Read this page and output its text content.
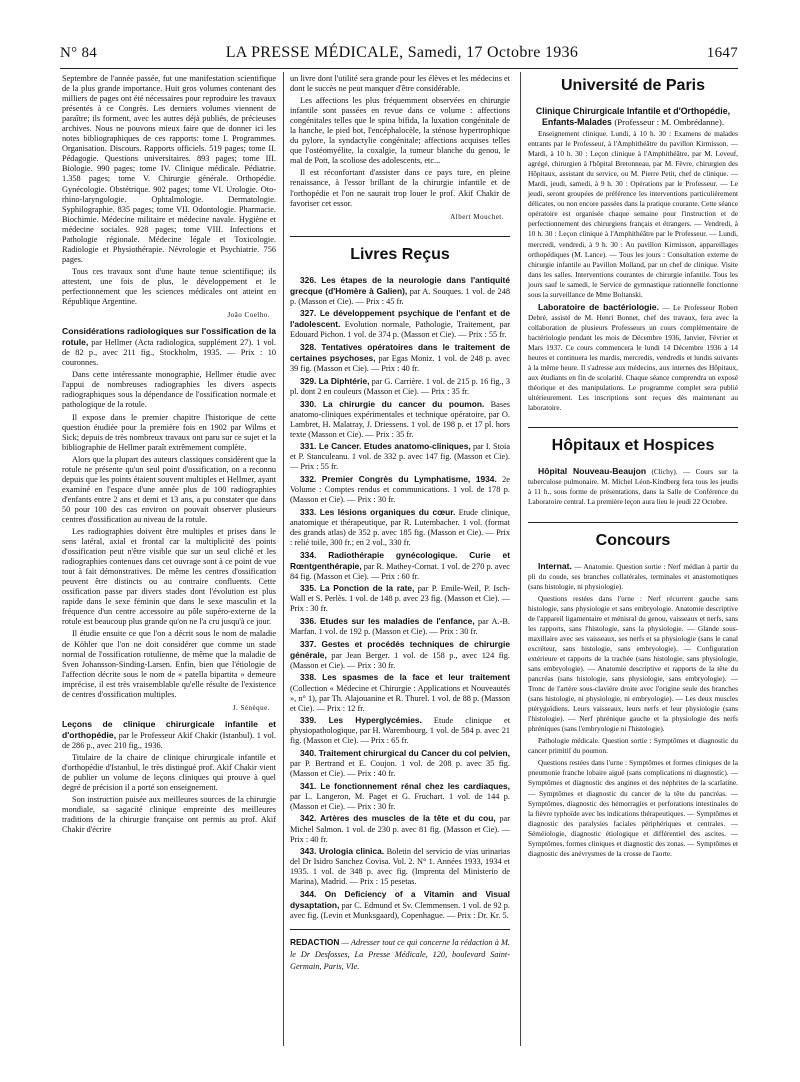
N° 84	LA PRESSE MÉDICALE, Samedi, 17 Octobre 1936	1647

Septembre de l'année passée, fut une manifestation scientifique de la plus grande importance. Huit gros volumes contenant des milliers de pages ont été nécessaires pour reproduire les travaux présentés à ce Congrès. Les derniers volumes viennent de paraître; ils forment, avec les autres déjà publiés, de précieuses archives. Nous ne pouvons mieux faire que de donner ici les notes bibliographiques de ces rapports: tome I. Programmes. Organisation. Discours. Rapports officiels. 519 pages; tome II. Pédagogie. Questions universitaires. 893 pages; tome III. Biologie. 990 pages; tome IV. Clinique médicale. Pédiatrie. 1.358 pages; tome V. Chirurgie générale. Orthopédie. Gynécologie. Obstétrique. 902 pages; tome VI. Urologie. Oto-rhino-laryngologie. Ophtalmologie. Dermatologie. Syphilographie. 835 pages; tome VII. Odontologie. Pharmacie. Biochimie. Médecine militaire et médecine navale. Hygiène et médecine sociales. 928 pages; tome VIII. Infections et Pathologie régionale. Médecine légale et Toxicologie. Radiologie et Physiothérapie. Névrologie et Psychiatrie. 756 pages.

Tous ces travaux sont d'une haute tenue scientifique; ils attestent, une fois de plus, le développement et le perfectionnement que les sciences médicales ont atteint en République Argentine.

João Coelho.

Considérations radiologiques sur l'ossification de la rotule, par Hellmer (Acta radiologica, supplément 27). 1 vol. de 82 p., avec 211 fig., Stockholm, 1935. — Prix : 10 couronnes.

Dans cette intéressante monographie, Hellmer étudie avec l'appui de nombreuses radiographies les divers aspects radiographiques sous la dépendance de l'ossification normale et pathologique de la rotule.

Il expose dans le premier chapitre l'historique de cette question étudiée pour la première fois en 1902 par Wilms et Sick; depuis de très nombreux travaux ont paru sur ce sujet et la bibliographie de Hellmer paraît extrêmement complète.

Alors que la plupart des auteurs classiques considèrent que la rotule ne présente qu'un seul point d'ossification, on a reconnu depuis que les points étaient souvent multiples et Hellmer, ayant examiné en l'espace d'une année plus de 100 radiographies d'enfants entre 2 ans et demi et 13 ans, a pu constater que dans 50 pour 100 des cas environ on pouvait observer plusieurs centres d'ossification au niveau de la rotule.

Les radiographies doivent être multiples et prises dans le sens latéral, axial et frontal car la multiplicité des points d'ossification peut n'être visible que sur un seul cliché et les radiographies contenues dans cet ouvrage sont à ce point de vue tout à fait démonstratives. De même les centres d'ossification peuvent être distincts ou au contraire confluents. Cette ossification passe par divers stades dont l'évolution est plus rapide dans le sexe féminin que dans le sexe masculin et la fréquence d'un centre accessoire au pôle supéro-externe de la rotule est beaucoup plus grande qu'on ne l'a cru jusqu'à ce jour.

Il étudie ensuite ce que l'on a décrit sous le nom de maladie de Köhler que l'on ne doit considérer que comme un stade normal de l'ossification rotulienne, de même que la maladie de Sven Johansson-Sinding-Larsen. Enfin, bien que l'étiologie de l'affection décrite sous le nom de « patella bipartita » demeure imprécise, il est très vraisemblable qu'elle résulte de l'existence de centres d'ossification multiples.

J. Sénèque.

Leçons de clinique chirurgicale infantile et d'orthopédie, par le Professeur Akif Chakir (Istanbul). 1 vol. de 286 p., avec 210 fig., 1936.

Titulaire de la chaire de clinique chirurgicale infantile et d'orthopédie d'Istanbul, le très distingué prof. Akif Chakir vient de publier un volume de leçons cliniques qui prouve à quel degré de précision il a porté son enseignement.

Son instruction puisée aux meilleures sources de la chirurgie mondiale, sa sagacité clinique empreinte des meilleures traditions de la chirurgie française ont permis au prof. Akif Chakir d'écrire

un livre dont l'utilité sera grande pour les élèves et les médecins et dont le succès ne peut manquer d'être considérable.

Les affections les plus fréquemment observées en chirurgie infantile sont passées en revue dans ce volume : affections congénitales telles que le spina bifida, la luxation congénitale de la hanche, le pied bot, l'encéphalocèle, la sténose hypertrophique du pylore, la syndactylie congénitale; affections acquises telles que l'ostéomyélite, la coxalgie, la tumeur blanche du genou, le mal de Pott, la scoliose des adolescents, etc...

Il est réconfortant d'assister dans ce pays ture, en pleine renaissance, à l'essor brillant de la chirurgie infantile et de l'orthopédie et l'on ne saurait trop louer le prof. Akif Chakir de favoriser cet essor.

Albert Mouchet.

Livres Reçus

326. Les étapes de la neurologie dans l'antiquité grecque (d'Homère à Galien), par A. Souques. 1 vol. de 248 p. (Masson et Cie). — Prix : 45 fr.

327. Le développement psychique de l'enfant et de l'adolescent. Evolution normale, Pathologie, Traitement, par Edouard Pichon. 1 vol. de 374 p. (Masson et Cie). — Prix : 55 fr.

328. Tentatives opératoires dans le traitement de certaines psychoses, par Egas Moniz. 1 vol. de 248 p. avec 39 fig. (Masson et Cie). — Prix : 40 fr.

329. La Diphtérie, par G. Carrière. 1 vol. de 215 p. 16 fig., 3 pl. dont 2 en couleurs (Masson et Cie). — Prix : 35 fr.

330. La chirurgie du cancer du poumon. Bases anatomo-cliniques expérimentales et technique opératoire, par O. Lambret, H. Malatray, J. Driessens. 1 vol. de 198 p. et 17 pl. hors texte (Masson et Cie). — Prix : 35 fr.

331. Le Cancer. Etudes anatomo-cliniques, par I. Stoia et P. Stanculeanu. 1 vol. de 332 p. avec 147 fig. (Masson et Cie). — Prix : 55 fr.

332. Premier Congrès du Lymphatisme, 1934. 2e Volume : Comptes rendus et communications. 1 vol. de 178 p. (Masson et Cie). — Prix : 30 fr.

333. Les lésions organiques du cœur. Etude clinique, anatomique et thérapeutique, par R. Lutembacher. 1 vol. (format des grands atlas) de 352 p. avec 185 fig. (Masson et Cie). — Prix : relié toile, 300 fr.; en 2 vol., 330 fr.

334. Radiothérapie gynécologique. Curie et Rœntgenthérapie, par R. Mathey-Cornat. 1 vol. de 270 p. avec 84 fig. (Masson et Cie). — Prix : 60 fr.

335. La Ponction de la rate, par P. Emile-Weil, P. Isch-Wall et S. Perlès. 1 vol. de 148 p. avec 23 fig. (Masson et Cie). — Prix : 30 fr.

336. Etudes sur les maladies de l'enfance, par A.-B. Marfan. 1 vol. de 192 p. (Masson et Cie). — Prix : 30 fr.

337. Gestes et procédés techniques de chirurgie générale, par Jean Berger. 1 vol. de 158 p., avec 124 fig. (Masson et Cie). — Prix : 30 fr.

338. Les spasmes de la face et leur traitement (Collection « Médecine et Chirurgie : Applications et Nouveautés », n° 1), par Th. Alajouanine et R. Thurel. 1 vol. de 88 p. (Masson et Cie). — Prix : 12 fr.

339. Les Hyperglycémies. Etude clinique et physiopathologique, par H. Warembourg. 1 vol. de 584 p. avec 21 fig. (Masson et Cie). — Prix : 65 fr.

340. Traitement chirurgical du Cancer du col pelvien, par P. Bertrand et E. Coujon. 1 vol. de 208 p. avec 35 fig. (Masson et Cie). — Prix : 40 fr.

341. Le fonctionnement rénal chez les cardiaques, par L. Langeron, M. Paget et G. Fruchart. 1 vol. de 144 p. (Masson et Cie). — Prix : 30 fr.

342. Artères des muscles de la tête et du cou, par Michel Salmon. 1 vol. de 230 p. avec 81 fig. (Masson et Cie). — Prix : 40 fr.

343. Urologia clinica. Boletin del servicio de vias urinarias del Dr Isidro Sanchez Covisa. Vol. 2. N° 1. Années 1933, 1934 et 1935. 1 vol. de 348 p. avec fig. (Imprenta del Ministerio de Marina), Madrid. — Prix : 15 pesetas.

344. On Deficiency of a Vitamin and Visual dysaptation, par C. Edmund et Sv. Clemmensen. 1 vol. de 92 p. avec fig. (Levin et Munksgaard), Copenhague. — Prix : Dr. Kr. 5.

REDACTION — Adresser tout ce qui concerne la rédaction à M. le Dr Desfosses, La Presse Médicale, 120, boulevard Saint-Germain, Paris, VIe.

Université de Paris

Clinique Chirurgicale Infantile et d'Orthopédie, Enfants-Malades (Professeur : M. Ombrédanne).

Enseignement clinique. Lundi, à 10 h. 30 : Examens de malades entrants par le Professeur, à l'Amphithéâtre du pavillon Kirmisson. — Mardi, à 10 h. 30 : Leçon clinique à l'Amphithéâtre, par M. Leveuf, agrégé, chirurgien à l'hôpital Bretonneau, par M. Fèvre, chirurgien des Hôpitaux, assistant du service, ou M. Pierre Petit, chef de clinique. — Mardi, jeudi, samedi, à 9 h. 30 : Opérations par le Professeur. — Le jeudi, seront groupées de préférence les interventions particulièrement délicates, ou non encore passées dans la pratique courante. Cette séance opératoire est organisée chaque semaine pour l'instruction et de perfectionnement des chirurgiens français et étrangers. — Vendredi, à 10 h. 30 : Leçon clinique à l'Amphithéâtre par le Professeur. — Lundi, mercredi, vendredi, à 9 h. 30 : Au pavillon Kirmisson, appareillages orthopédiques (M. Lance). — Tous les jours : Consultation externe de chirurgie infantile au Pavillon Molland, par un chef de clinique. Visite dans les salles. Interventions courantes de chirurgie infantile. Tous les jours sauf le samedi, le Service de gymnastique rationnelle fonctionne sous la surveillance de Mme Boltanski.

Laboratoire de bactériologie. — Le Professeur Robert Debré, assisté de M. Henri Bonnet, chef des travaux, fera avec la collaboration de plusieurs Professeurs un cours complémentaire de bactériologie pendant les mois de Décembre 1936, Janvier, Février et Mars 1937. Ce cours commencera le lundi 14 Décembre 1936 à 14 heures et continuera les mardis, mercredis, vendredis et lundis suivants à la même heure. Il s'adresse aux médecins, aux internes des Hôpitaux, aux étudiants en fin de scolarité. Chaque séance comprendra un exposé théorique et des manipulations. Le programme complet sera publié ultérieurement. Les inscriptions sont reçues dès maintenant au laboratoire.

Hôpitaux et Hospices

Hôpital Nouveau-Beaujon (Clichy). — Cours sur la tuberculose pulmonaire. M. Michel Léon-Kindberg fera tous les jeudis à 11 h., sous forme de présentations, dans la Salle de Conférence du Laboratoire central. La première leçon aura lieu le jeudi 22 Octobre.

Concours

Internat. — Anatomie. Question sortie : Nerf médian à partir du pli du coude, ses branches collatérales, terminales et anastomotiques (sans histologie, ni physiologie).

Questions restées dans l'urne : Nerf récurrent gauche sans histologie, sans physiologie et sans embryologie. Anatomie descriptive de l'appareil ligamentaire et ménisral du genou, vaisseaux et nerfs, sans les rapports, sans l'histologie, sans la physiologie. — Glande sous-maxillaire avec ses vaisseaux, ses nerfs et sa physiologie (sans le canal excréteur, sans histologie, sans embryologie). — Configuration extérieure et rapports de la trachée (sans histologie, sans physiologie, sans embryologie). — Anatomie descriptive et rapports de la tête du pancréas (sans histologie, sans physiologie, sans embryologie). — Tronc de l'artère sous-clavière droite avec l'origine seule des branches (sans histologie, ni physiologie, ni embryologie). — Les deux muscles ptérygoïdiens. Leurs vaisseaux, leurs nerfs et leur physiologie (sans l'histologie). — Nerf phrénique gauche et la physiologie des nerfs phréniques (sans l'embryologie ni l'histologie).

Pathologie médicale. Question sortie : Symptômes et diagnostic du cancer primitif du poumon.

Questions restées dans l'urne : Symptômes et formes cliniques de la pneumonie franche lobaire aiguë (sans complications ni diagnostic). — Symptômes et diagnostic des angines et des néphrites de la scarlatine. — Symptômes et diagnostic du cancer de la tête du pancréas. — Symptômes, diagnostic des hémorragies et perforations intestinales de la fièvre typhoïde avec les indications thérapeutiques. — Symptômes et diagnostic des paralysies faciales périphériques et centrales. — Séméiologie, diagnostic étiologique et différentiel des ascites. — Symptômes, formes cliniques et diagnostic des zonas. — Symptômes et diagnostic des anévrysmes de la crosse de l'aorte.
